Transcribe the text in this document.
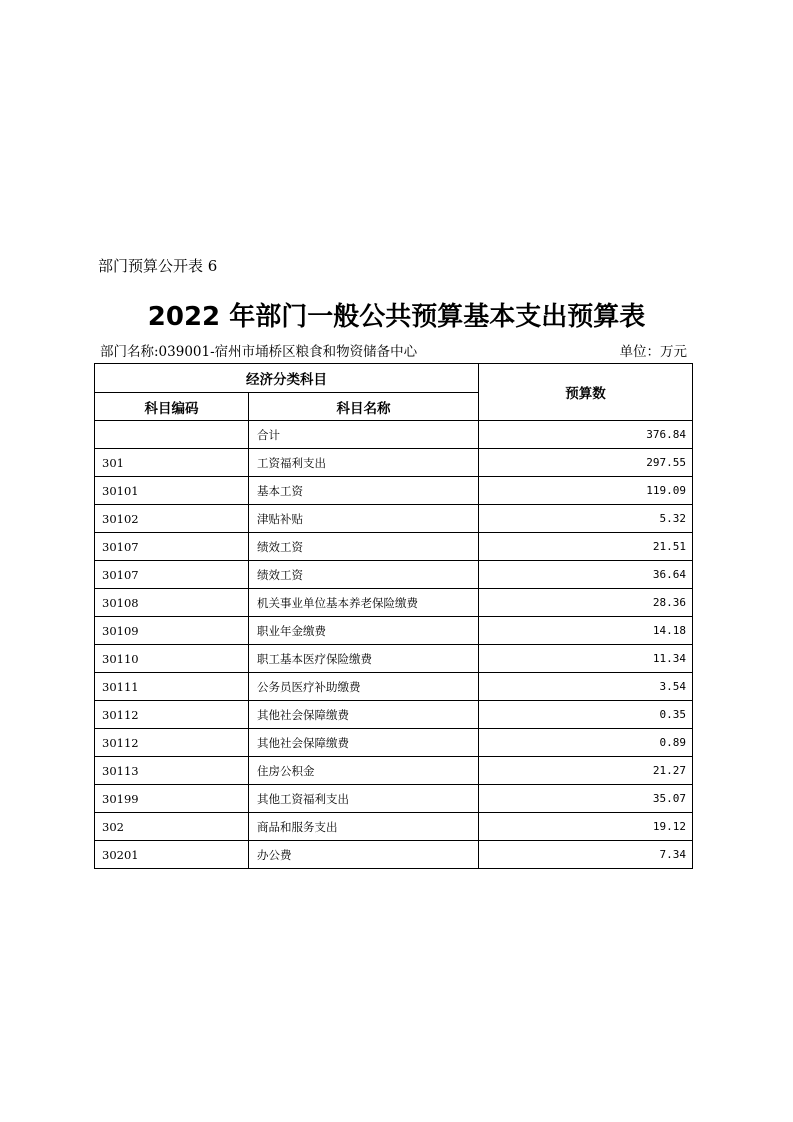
部门预算公开表 6
2022 年部门一般公共预算基本支出预算表
部门名称:039001-宿州市埇桥区粮食和物资储备中心	单位：万元
经济分类科目		预算数
科目编码	科目名称	
	合计	376.84
301	工资福利支出	297.55
30101	基本工资	119.09
30102	津贴补贴	5.32
30107	绩效工资	21.51
30107	绩效工资	36.64
30108	机关事业单位基本养老保险缴费	28.36
30109	职业年金缴费	14.18
30110	职工基本医疗保险缴费	11.34
30111	公务员医疗补助缴费	3.54
30112	其他社会保障缴费	0.35
30112	其他社会保障缴费	0.89
30113	住房公积金	21.27
30199	其他工资福利支出	35.07
302	商品和服务支出	19.12
30201	办公费	7.34
